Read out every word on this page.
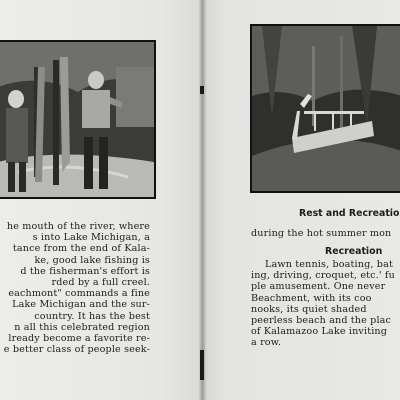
he mouth of the river, where
s into Lake Michigan, a
tance from the end of Kala-
ke, good lake fishing is
d the fisherman's effort is
rded by a full creel.
eachmont" commands a fine
Lake Michigan and the sur-
country. It has the best
n all this celebrated region
lready become a favorite re-
e better class of people seek-
Rest and Recreatio
during the hot summer mon
Recreation
Lawn tennis, boating, bat
ing, driving, croquet, etc.' fu
ple amusement. One never
Beachment, with its coo
nooks, its quiet shaded
peerless beach and the plac
of Kalamazoo Lake inviting
a row.
